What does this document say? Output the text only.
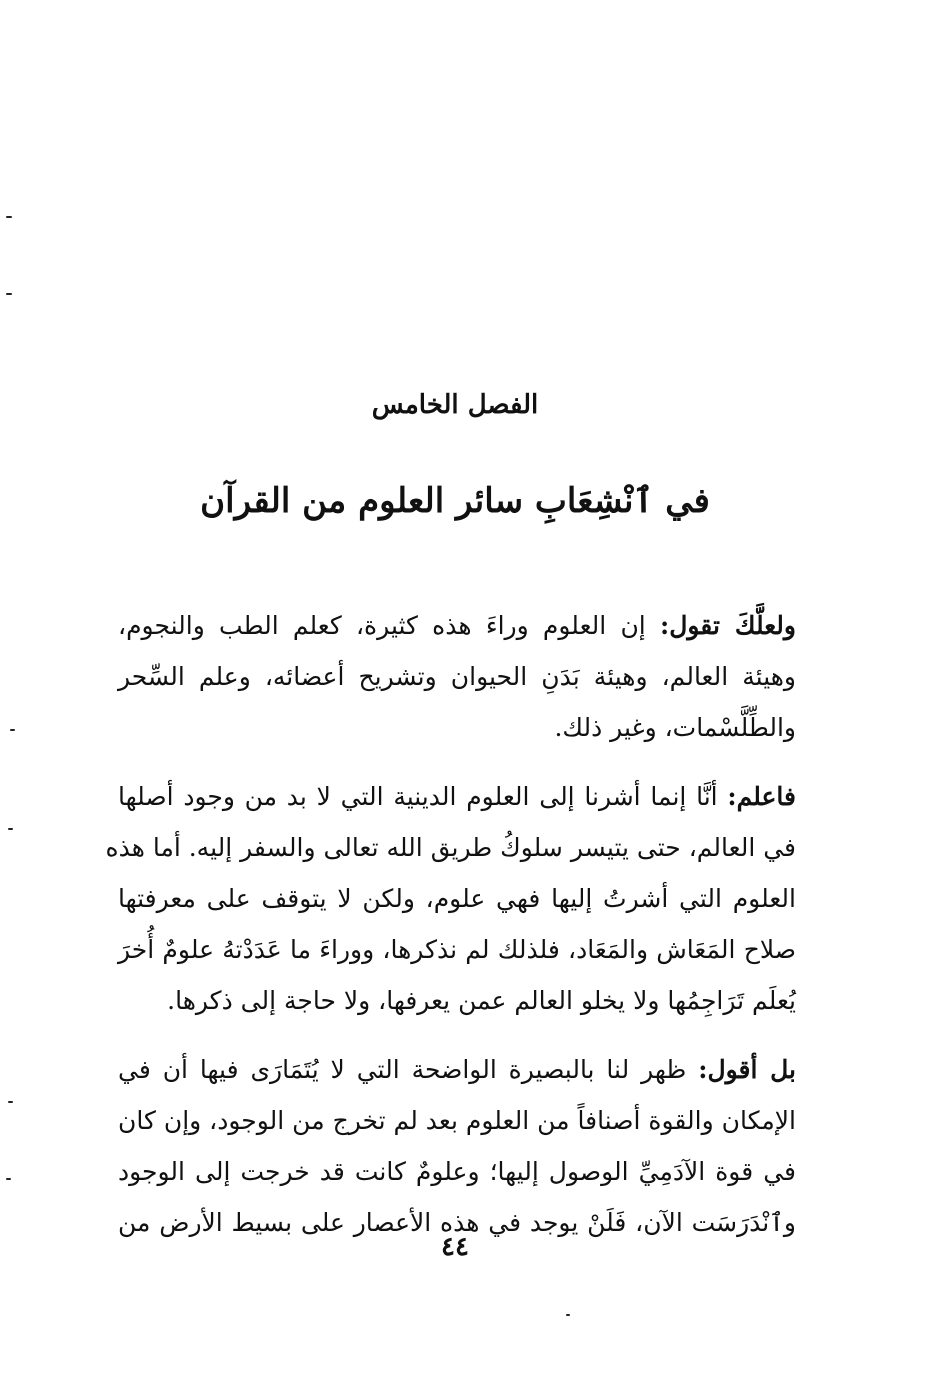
الفصل الخامس
في ٱنْشِعَابِ سائر العلوم من القرآن
ولعلَّكَ تقول: إن العلوم وراءَ هذه كثيرة، كعلم الطب والنجوم،
وهيئة العالم، وهيئة بَدَنِ الحيوان وتشريح أعضائه، وعلم السِّحر
والطِّلَّسْمات، وغير ذلك.
فاعلم: أنَّا إنما أشرنا إلى العلوم الدينية التي لا بد من وجود أصلها
في العالم، حتى يتيسر سلوكُ طريق الله تعالى والسفر إليه. أما هذه
العلوم التي أشرتُ إليها فهي علوم، ولكن لا يتوقف على معرفتها
صلاح المَعَاش والمَعَاد، فلذلك لم نذكرها، ووراءَ ما عَدَدْتهُ علومٌ أُخرَ
يُعلَم تَرَاجِمُها ولا يخلو العالم عمن يعرفها، ولا حاجة إلى ذكرها.
بل أقول: ظهر لنا بالبصيرة الواضحة التي لا يُتَمَارَى فيها أن في
الإمكان والقوة أصنافاً من العلوم بعد لم تخرج من الوجود، وإن كان
في قوة الآدَمِيِّ الوصول إليها؛ وعلومٌ كانت قد خرجت إلى الوجود
وٱنْدَرَسَت الآن، فَلَنْ يوجد في هذه الأعصار على بسيط الأرض من
٤٤
